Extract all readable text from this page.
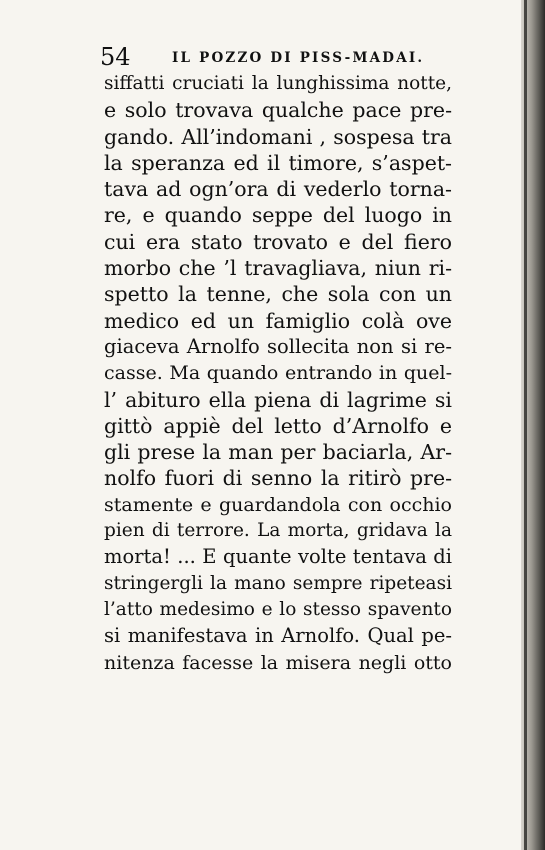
54	IL POZZO DI PISS-MADAI.
siffatti cruciati la lunghissima notte,
e solo trovava qualche pace pre-
gando. All’indomani , sospesa tra
la speranza ed il timore, s’aspet-
tava ad ogn’ora di vederlo torna-
re, e quando seppe del luogo in
cui era stato trovato e del fiero
morbo che ’l travagliava, niun ri-
spetto la tenne, che sola con un
medico ed un famiglio colà ove
giaceva Arnolfo sollecita non si re-
casse. Ma quando entrando in quel-
l’ abituro ella piena di lagrime si
gittò appiè del letto d’Arnolfo e
gli prese la man per baciarla, Ar-
nolfo fuori di senno la ritirò pre-
stamente e guardandola con occhio
pien di terrore. La morta, gridava la
morta! ... E quante volte tentava di
stringergli la mano sempre ripeteasi
l’atto medesimo e lo stesso spavento
si manifestava in Arnolfo. Qual pe-
nitenza facesse la misera negli otto
